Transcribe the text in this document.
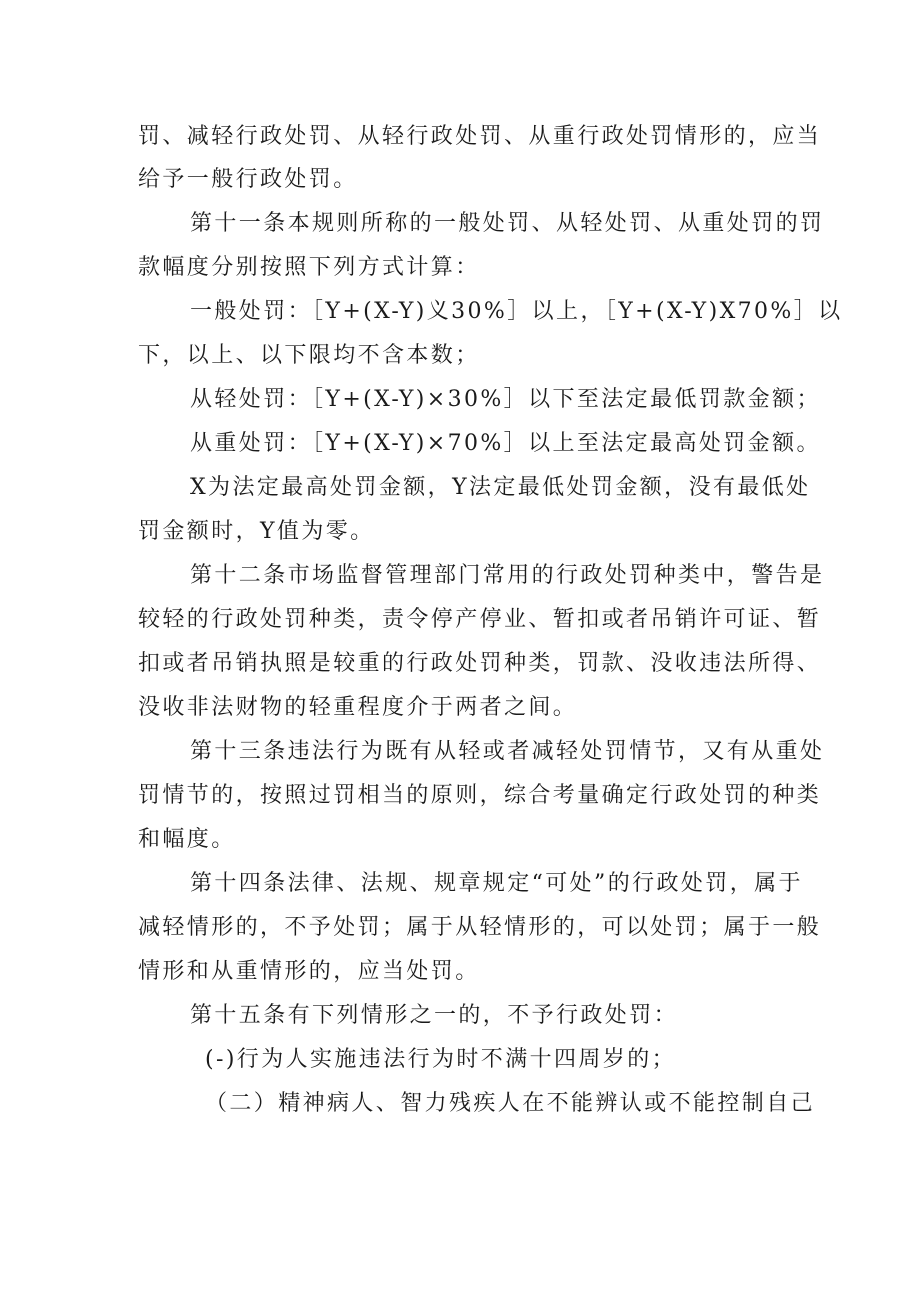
罚、减轻行政处罚、从轻行政处罚、从重行政处罚情形的，应当
给予一般行政处罚。
第十一条本规则所称的一般处罚、从轻处罚、从重处罚的罚
款幅度分别按照下列方式计算：
一般处罚：［Y+(X-Y)义30%］以上，［Y+(X-Y)X70%］以
下，以上、以下限均不含本数；
从轻处罚：［Y+(X-Y)×30%］以下至法定最低罚款金额；
从重处罚：［Y+(X-Y)×70%］以上至法定最高处罚金额。
X为法定最高处罚金额，Y法定最低处罚金额，没有最低处
罚金额时，Y值为零。
第十二条市场监督管理部门常用的行政处罚种类中，警告是
较轻的行政处罚种类，责令停产停业、暂扣或者吊销许可证、暂
扣或者吊销执照是较重的行政处罚种类，罚款、没收违法所得、
没收非法财物的轻重程度介于两者之间。
第十三条违法行为既有从轻或者减轻处罚情节，又有从重处
罚情节的，按照过罚相当的原则，综合考量确定行政处罚的种类
和幅度。
第十四条法律、法规、规章规定“可处”的行政处罚，属于
减轻情形的，不予处罚；属于从轻情形的，可以处罚；属于一般
情形和从重情形的，应当处罚。
第十五条有下列情形之一的，不予行政处罚：
(-)行为人实施违法行为时不满十四周岁的；
（二）精神病人、智力残疾人在不能辨认或不能控制自己
